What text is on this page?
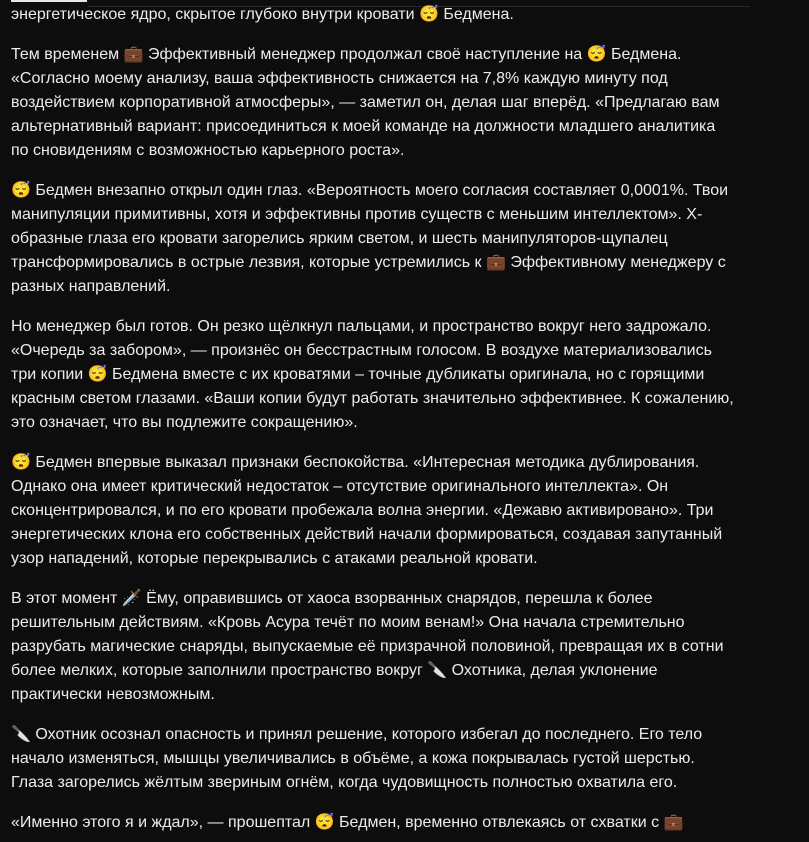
энергетическое ядро, скрытое глубоко внутри кровати 😴 Бедмена.

Тем временем 💼 Эффективный менеджер продолжал своё наступление на 😴 Бедмена.
«Согласно моему анализу, ваша эффективность снижается на 7,8% каждую минуту под
воздействием корпоративной атмосферы», — заметил он, делая шаг вперёд. «Предлагаю вам
альтернативный вариант: присоединиться к моей команде на должности младшего аналитика
по сновидениям с возможностью карьерного роста».

😴 Бедмен внезапно открыл один глаз. «Вероятность моего согласия составляет 0,0001%. Твои
манипуляции примитивны, хотя и эффективны против существ с меньшим интеллектом». X-
образные глаза его кровати загорелись ярким светом, и шесть манипуляторов-щупалец
трансформировались в острые лезвия, которые устремились к 💼 Эффективному менеджеру с
разных направлений.

Но менеджер был готов. Он резко щёлкнул пальцами, и пространство вокруг него задрожало.
«Очередь за забором», — произнёс он бесстрастным голосом. В воздухе материализовались
три копии 😴 Бедмена вместе с их кроватями – точные дубликаты оригинала, но с горящими
красным светом глазами. «Ваши копии будут работать значительно эффективнее. К сожалению,
это означает, что вы подлежите сокращению».

😴 Бедмен впервые выказал признаки беспокойства. «Интересная методика дублирования.
Однако она имеет критический недостаток – отсутствие оригинального интеллекта». Он
сконцентрировался, и по его кровати пробежала волна энергии. «Дежавю активировано». Три
энергетических клона его собственных действий начали формироваться, создавая запутанный
узор нападений, которые перекрывались с атаками реальной кровати.

В этот момент 🗡️ Ёму, оправившись от хаоса взорванных снарядов, перешла к более
решительным действиям. «Кровь Асура течёт по моим венам!» Она начала стремительно
разрубать магические снаряды, выпускаемые её призрачной половиной, превращая их в сотни
более мелких, которые заполнили пространство вокруг 🔪 Охотника, делая уклонение
практически невозможным.

🔪 Охотник осознал опасность и принял решение, которого избегал до последнего. Его тело
начало изменяться, мышцы увеличивались в объёме, а кожа покрывалась густой шерстью.
Глаза загорелись жёлтым звериным огнём, когда чудовищность полностью охватила его.

«Именно этого я и ждал», — прошептал 😴 Бедмен, временно отвлекаясь от схватки с 💼
